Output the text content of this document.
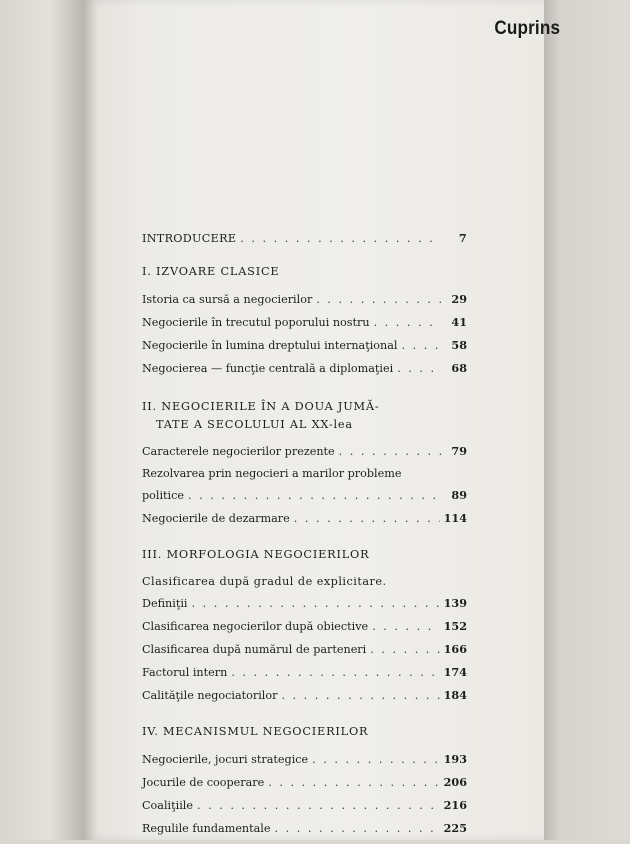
Cuprins
INTRODUCERE . . .	7
I. IZVOARE CLASICE
Istoria ca sursă a negocierilor . . .	29
Negocierile în trecutul poporului nostru . . .	41
Negocierile în lumina dreptului internaţional . . .	58
Negocierea — funcţie centrală a diplomaţiei . . .	68
II. NEGOCIERILE ÎN A DOUA JUMĂ-
TATE A SECOLULUI AL XX-lea
Caracterele negocierilor prezente . . .	79
Rezolvarea prin negocieri a marilor probleme
politice . . .	89
Negocierile de dezarmare . . .	114
III. MORFOLOGIA NEGOCIERILOR
Clasificarea după gradul de explicitare.
Definiţii . . .	139
Clasificarea negocierilor după obiective . . .	152
Clasificarea după numărul de parteneri . . .	166
Factorul intern . . .	174
Calităţile negociatorilor . . .	184
IV. MECANISMUL NEGOCIERILOR
Negocierile, jocuri strategice . . .	193
Jocurile de cooperare . . .	206
Coaliţiile . . .	216
Regulile fundamentale . . .	225
